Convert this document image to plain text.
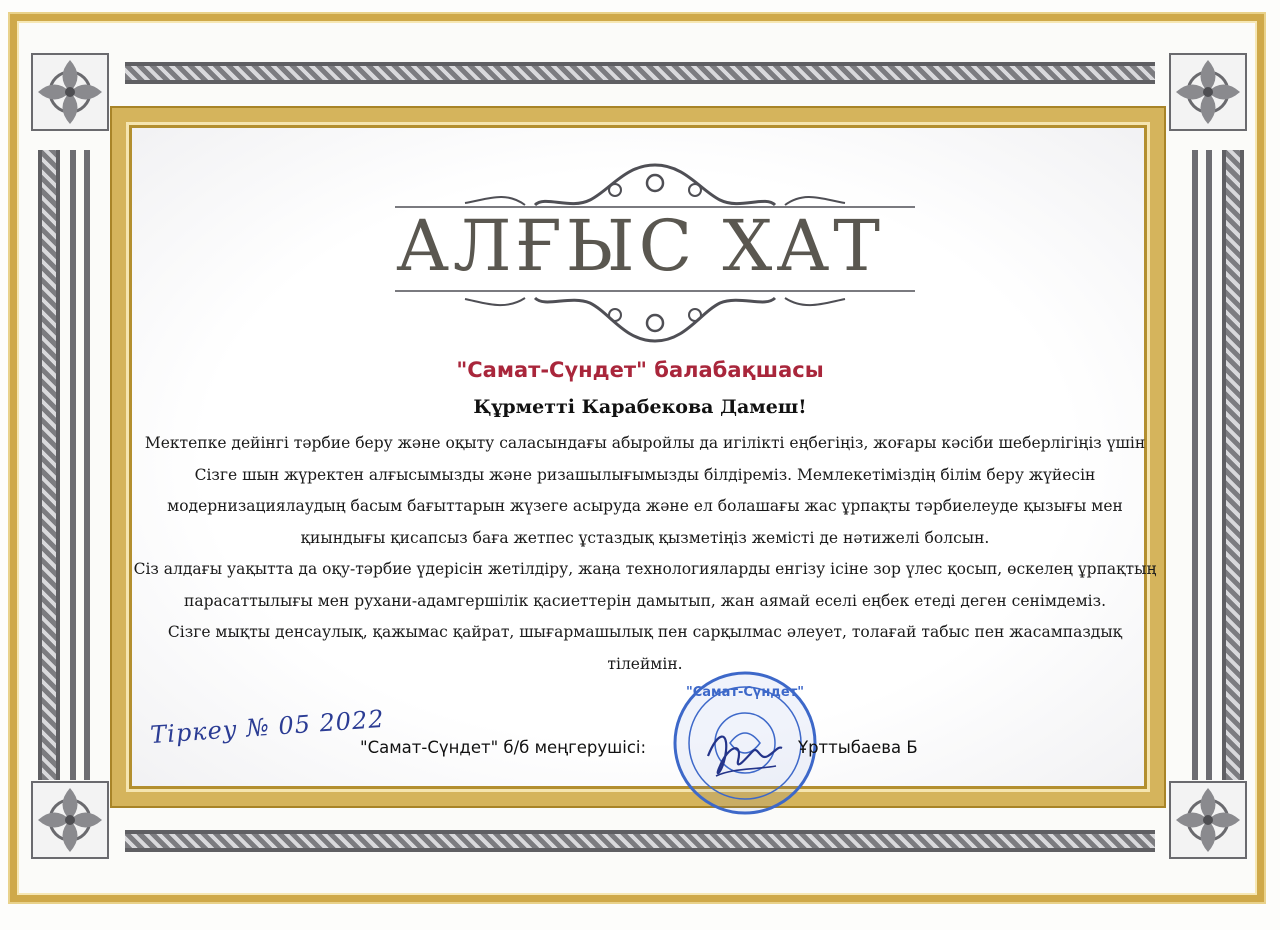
АЛҒЫС ХАТ
"Самат-Сүндет" балабақшасы
Құрметті Карабекова Дамеш!

Мектепке дейінгі тәрбие беру және оқыту саласындағы абыройлы да игілікті еңбегіңіз, жоғары кәсіби шеберлігіңіз үшін Сізге шын жүректен алғысымызды және ризашылығымызды білдіреміз. Мемлекетіміздің білім беру жүйесін модернизациялаудың басым бағыттарын жүзеге асыруда және ел болашағы жас ұрпақты тәрбиелеуде қызығы мен қиындығы қисапсыз баға жетпес ұстаздық қызметіңіз жемісті де нәтижелі болсын.

Сіз алдағы уақытта да оқу-тәрбие үдерісін жетілдіру, жаңа технологияларды енгізу ісіне зор үлес қосып, өскелең ұрпақтың парасаттылығы мен рухани-адамгершілік қасиеттерін дамытып, жан аямай еселі еңбек етеді деген сенімдеміз.

Сізге мықты денсаулық, қажымас қайрат, шығармашылық пен сарқылмас әлеует, толағай табыс пен жасампаздық тілеймін.

Тіркеу № 05 2022
"Самат-Сүндет"
"Самат-Сүндет" б/б меңгерушісі:	Ұрттыбаева Б
